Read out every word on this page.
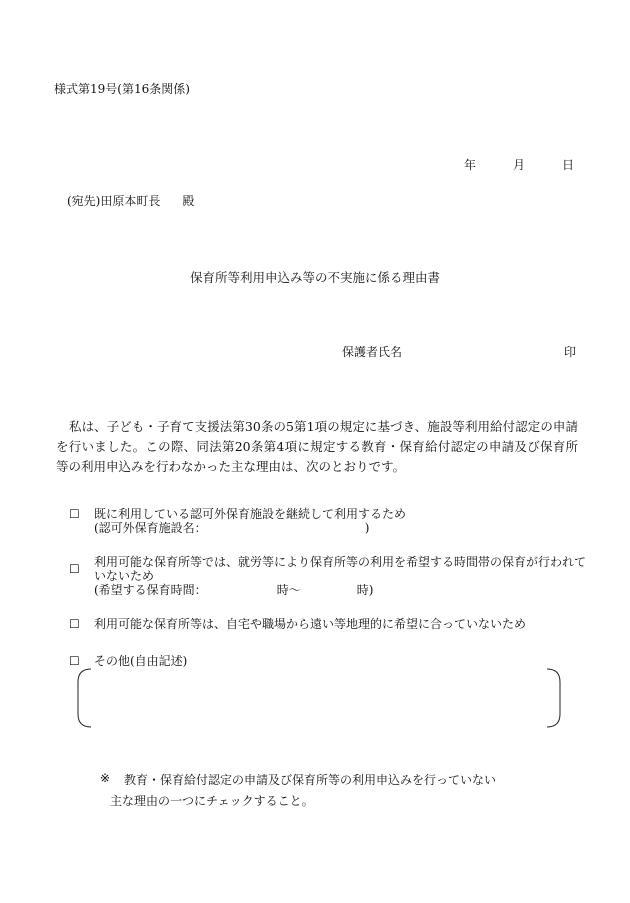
様式第19号(第16条関係)
年	月	日
(宛先)田原本町長 殿
保育所等利用申込み等の不実施に係る理由書
保護者氏名	印
私は、子ども・子育て支援法第30条の5第1項の規定に基づき、施設等利用給付認定の申請を行いました。この際、同法第20条第4項に規定する教育・保育給付認定の申請及び保育所等の利用申込みを行わなかった主な理由は、次のとおりです。
☐ 既に利用している認可外保育施設を継続して利用するため
(認可外保育施設名：	)
☐ 利用可能な保育所等では、就労等により保育所等の利用を希望する時間帯の保育が行われて
いないため
(希望する保育時間：	時〜	時)
☐ 利用可能な保育所等は、自宅や職場から遠い等地理的に希望に合っていないため
☐ その他(自由記述)
※ 教育・保育給付認定の申請及び保育所等の利用申込みを行っていない
主な理由の一つにチェックすること。
